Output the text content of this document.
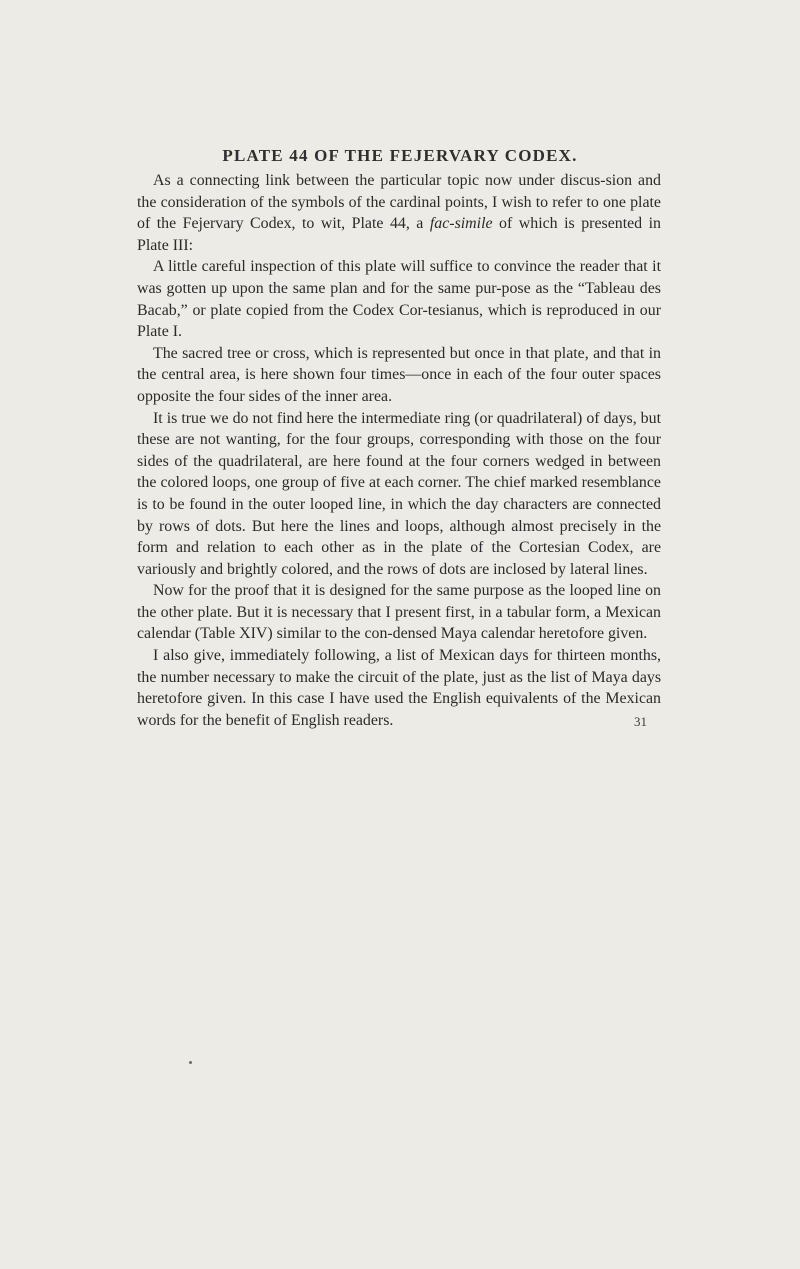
PLATE 44 OF THE FEJERVARY CODEX.

As a connecting link between the particular topic now under discus-sion and the consideration of the symbols of the cardinal points, I wish to refer to one plate of the Fejervary Codex, to wit, Plate 44, a fac-simile of which is presented in Plate III:

A little careful inspection of this plate will suffice to convince the reader that it was gotten up upon the same plan and for the same pur-pose as the “Tableau des Bacab,” or plate copied from the Codex Cor-tesianus, which is reproduced in our Plate I.

The sacred tree or cross, which is represented but once in that plate, and that in the central area, is here shown four times—once in each of the four outer spaces opposite the four sides of the inner area.

It is true we do not find here the intermediate ring (or quadrilateral) of days, but these are not wanting, for the four groups, corresponding with those on the four sides of the quadrilateral, are here found at the four corners wedged in between the colored loops, one group of five at each corner. The chief marked resemblance is to be found in the outer looped line, in which the day characters are connected by rows of dots. But here the lines and loops, although almost precisely in the form and relation to each other as in the plate of the Cortesian Codex, are variously and brightly colored, and the rows of dots are inclosed by lateral lines.

Now for the proof that it is designed for the same purpose as the looped line on the other plate. But it is necessary that I present first, in a tabular form, a Mexican calendar (Table XIV) similar to the con-densed Maya calendar heretofore given.

I also give, immediately following, a list of Mexican days for thirteen months, the number necessary to make the circuit of the plate, just as the list of Maya days heretofore given. In this case I have used the English equivalents of the Mexican words for the benefit of English readers.	31
